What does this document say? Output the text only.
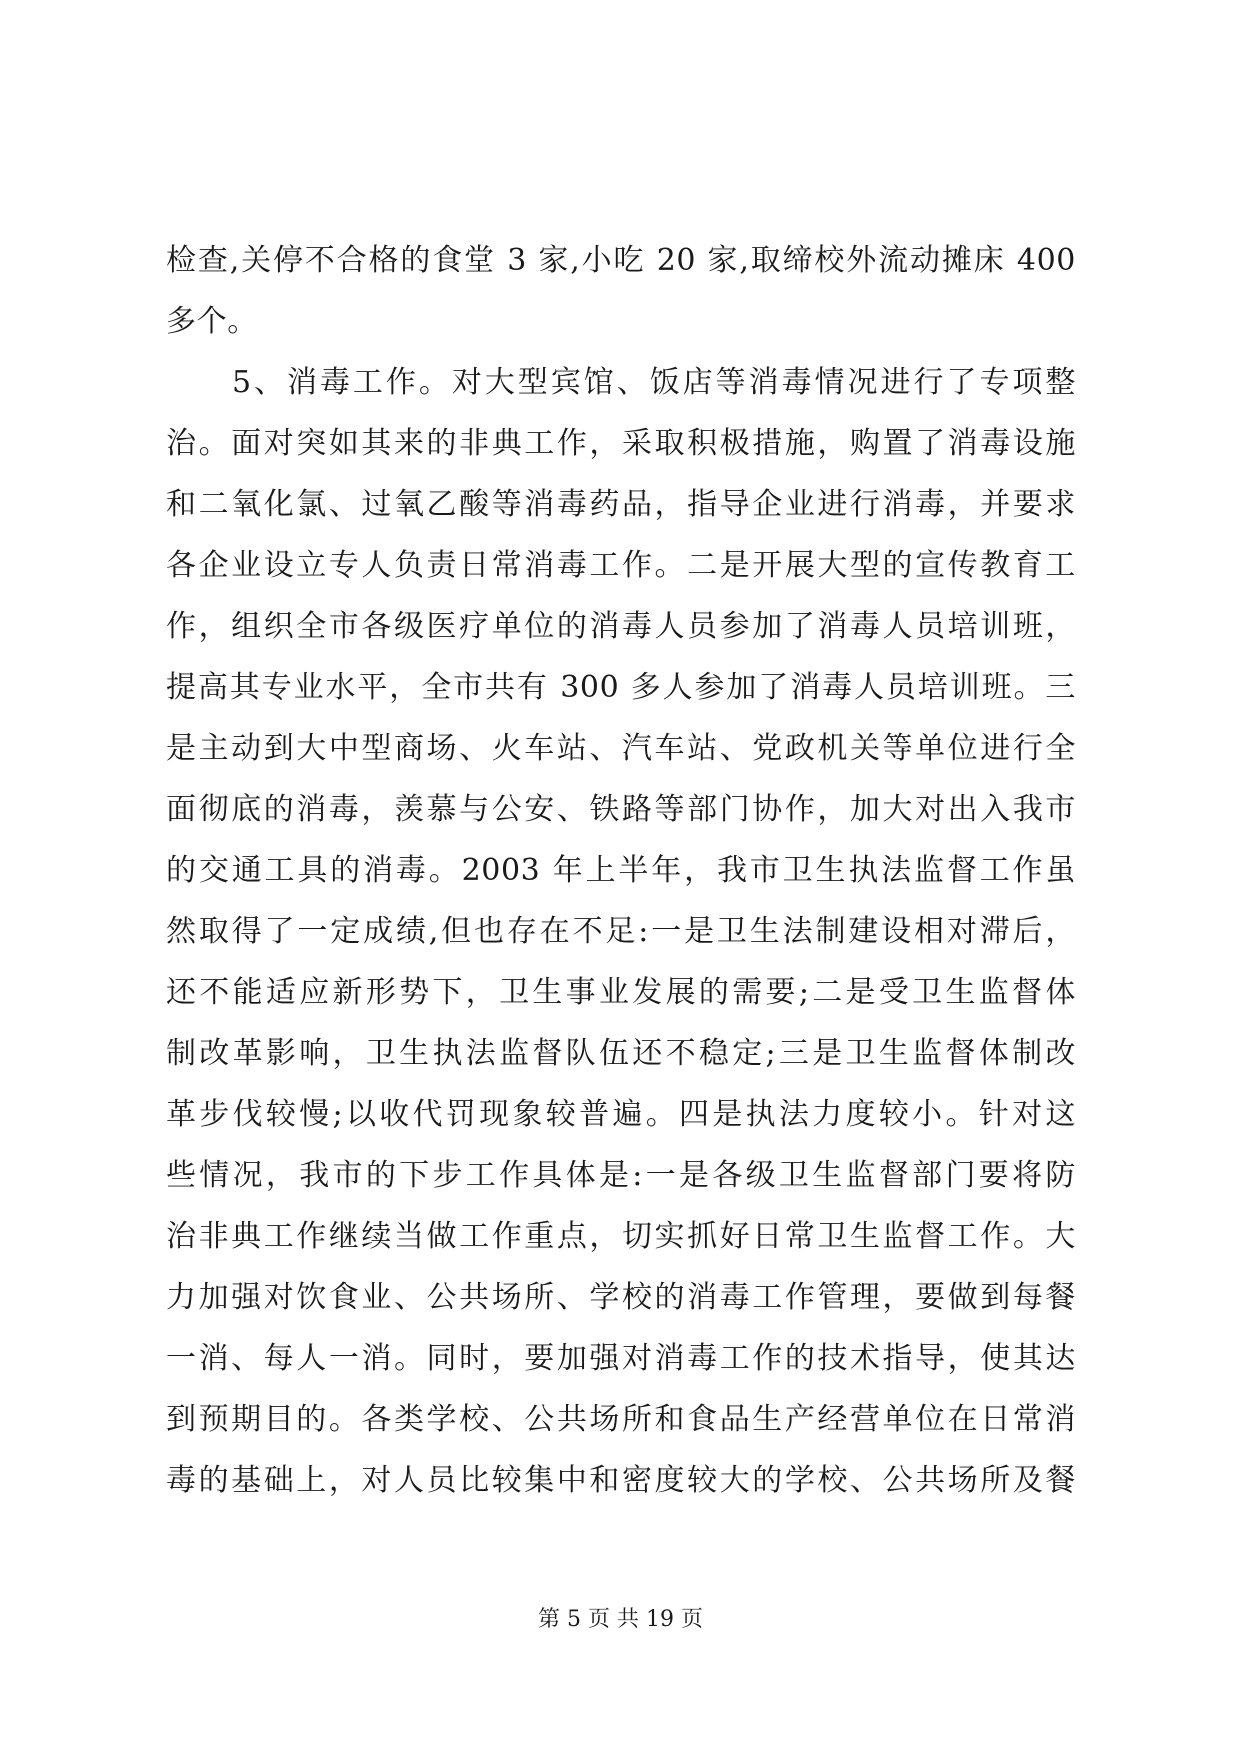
检查,关停不合格的食堂 3 家,小吃 20 家,取缔校外流动摊床 400
多个。
　　5、消毒工作。对大型宾馆、饭店等消毒情况进行了专项整
治。面对突如其来的非典工作，采取积极措施，购置了消毒设施
和二氧化氯、过氧乙酸等消毒药品，指导企业进行消毒，并要求
各企业设立专人负责日常消毒工作。二是开展大型的宣传教育工
作，组织全市各级医疗单位的消毒人员参加了消毒人员培训班，
提高其专业水平，全市共有 300 多人参加了消毒人员培训班。三
是主动到大中型商场、火车站、汽车站、党政机关等单位进行全
面彻底的消毒，羡慕与公安、铁路等部门协作，加大对出入我市
的交通工具的消毒。2003 年上半年，我市卫生执法监督工作虽
然取得了一定成绩,但也存在不足:一是卫生法制建设相对滞后，
还不能适应新形势下，卫生事业发展的需要;二是受卫生监督体
制改革影响，卫生执法监督队伍还不稳定;三是卫生监督体制改
革步伐较慢;以收代罚现象较普遍。四是执法力度较小。针对这
些情况，我市的下步工作具体是:一是各级卫生监督部门要将防
治非典工作继续当做工作重点，切实抓好日常卫生监督工作。大
力加强对饮食业、公共场所、学校的消毒工作管理，要做到每餐
一消、每人一消。同时，要加强对消毒工作的技术指导，使其达
到预期目的。各类学校、公共场所和食品生产经营单位在日常消
毒的基础上，对人员比较集中和密度较大的学校、公共场所及餐
第 5 页 共 19 页
